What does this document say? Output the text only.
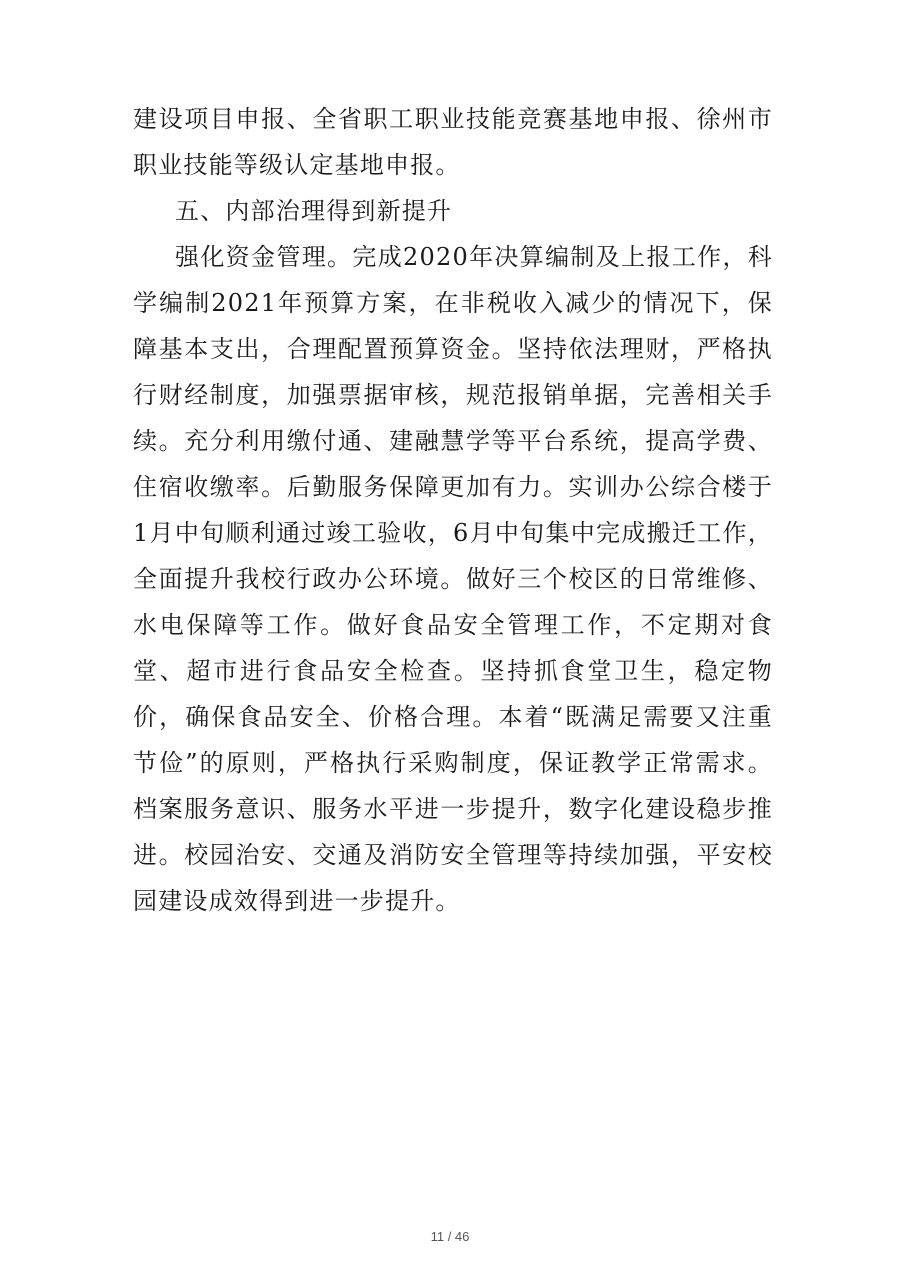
建设项目申报、全省职工职业技能竞赛基地申报、徐州市职业技能等级认定基地申报。

五、内部治理得到新提升

强化资金管理。完成2020年决算编制及上报工作，科学编制2021年预算方案，在非税收入减少的情况下，保障基本支出，合理配置预算资金。坚持依法理财，严格执行财经制度，加强票据审核，规范报销单据，完善相关手续。充分利用缴付通、建融慧学等平台系统，提高学费、住宿收缴率。后勤服务保障更加有力。实训办公综合楼于1月中旬顺利通过竣工验收，6月中旬集中完成搬迁工作，全面提升我校行政办公环境。做好三个校区的日常维修、水电保障等工作。做好食品安全管理工作，不定期对食堂、超市进行食品安全检查。坚持抓食堂卫生，稳定物价，确保食品安全、价格合理。本着“既满足需要又注重节俭”的原则，严格执行采购制度，保证教学正常需求。档案服务意识、服务水平进一步提升，数字化建设稳步推进。校园治安、交通及消防安全管理等持续加强，平安校园建设成效得到进一步提升。

11 / 46
